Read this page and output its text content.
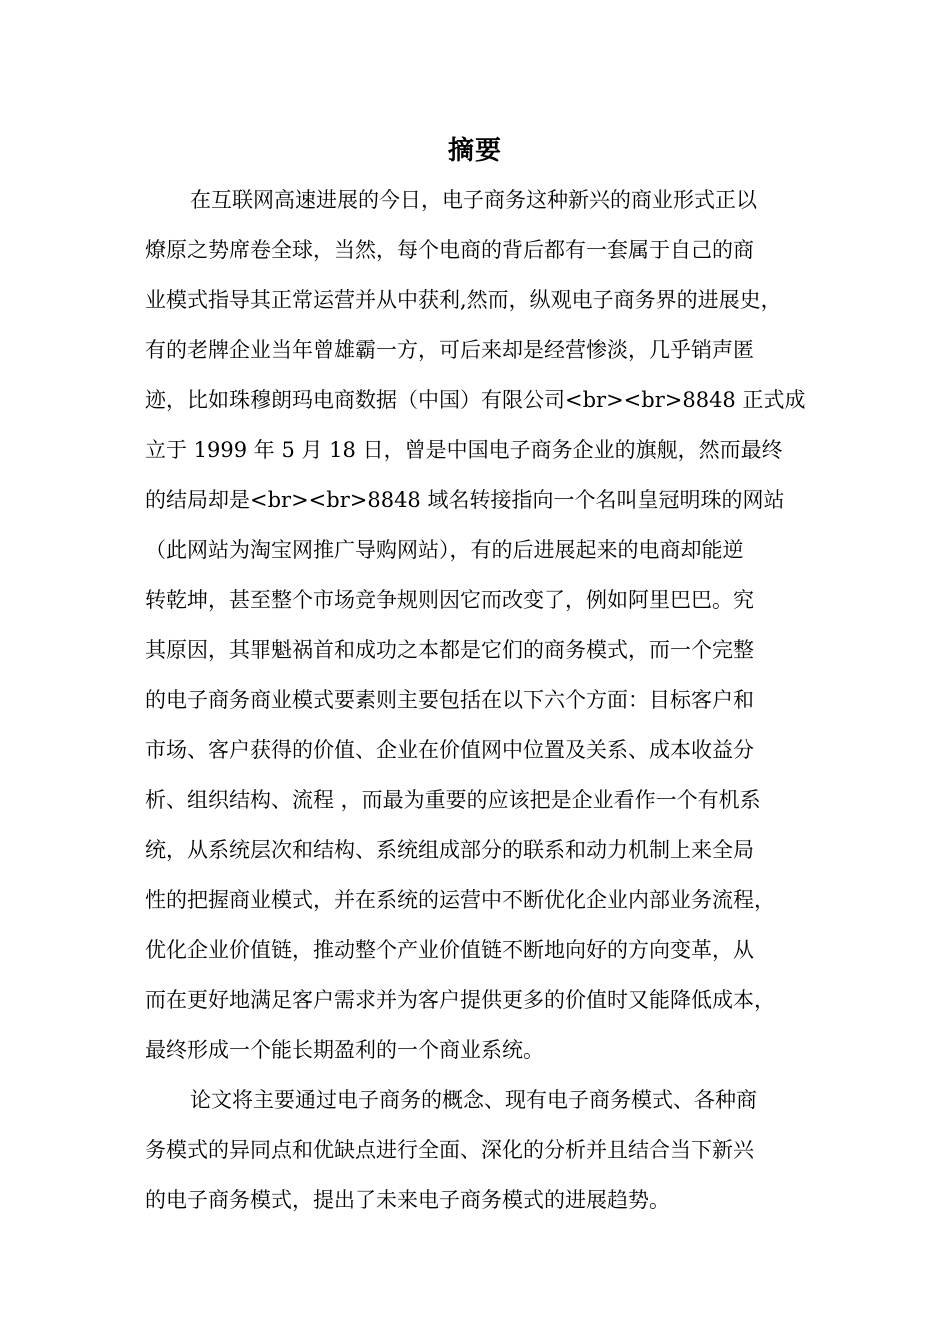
摘要
在互联网高速进展的今日，电子商务这种新兴的商业形式正以
燎原之势席卷全球，当然，每个电商的背后都有一套属于自己的商
业模式指导其正常运营并从中获利,然而，纵观电子商务界的进展史，
有的老牌企业当年曾雄霸一方，可后来却是经营惨淡，几乎销声匿
迹，比如珠穆朗玛电商数据（中国）有限公司<br><br>8848 正式成
立于 1999 年 5 月 18 日，曾是中国电子商务企业的旗舰，然而最终
的结局却是<br><br>8848 域名转接指向一个名叫皇冠明珠的网站
（此网站为淘宝网推广导购网站），有的后进展起来的电商却能逆
转乾坤，甚至整个市场竞争规则因它而改变了，例如阿里巴巴。究
其原因，其罪魁祸首和成功之本都是它们的商务模式，而一个完整
的电子商务商业模式要素则主要包括在以下六个方面：目标客户和
市场、客户获得的价值、企业在价值网中位置及关系、成本收益分
析、组织结构、流程 ，而最为重要的应该把是企业看作一个有机系
统，从系统层次和结构、系统组成部分的联系和动力机制上来全局
性的把握商业模式，并在系统的运营中不断优化企业内部业务流程，
优化企业价值链，推动整个产业价值链不断地向好的方向变革，从
而在更好地满足客户需求并为客户提供更多的价值时又能降低成本，
最终形成一个能长期盈利的一个商业系统。
论文将主要通过电子商务的概念、现有电子商务模式、各种商
务模式的异同点和优缺点进行全面、深化的分析并且结合当下新兴
的电子商务模式，提出了未来电子商务模式的进展趋势。
